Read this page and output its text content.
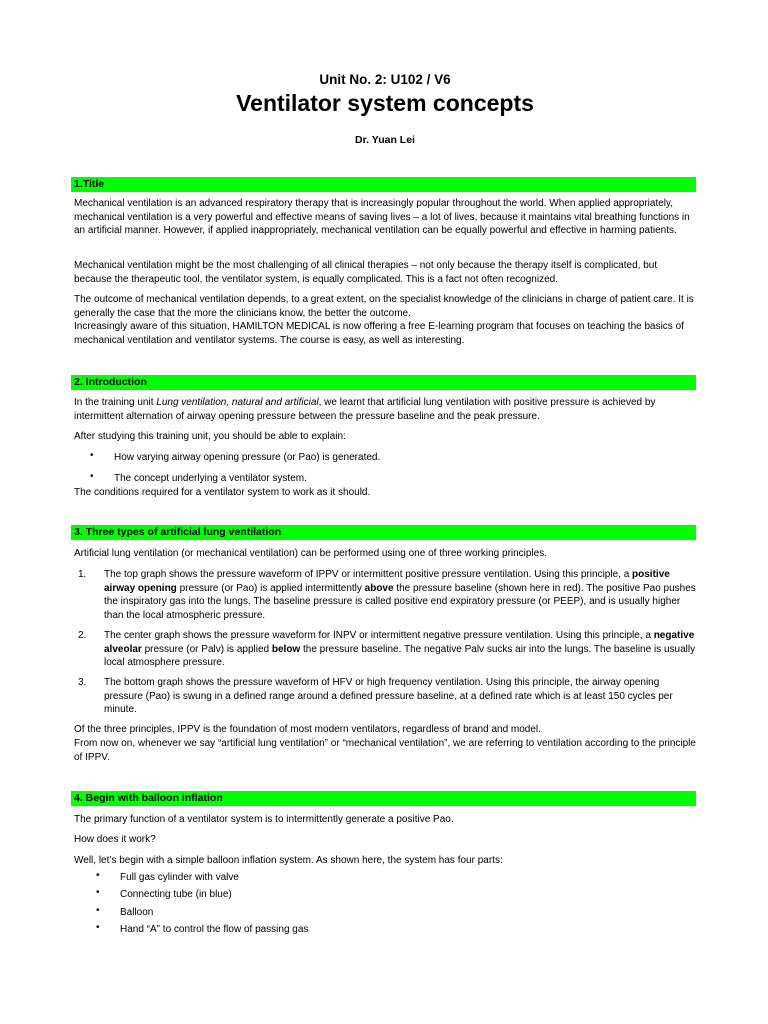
Unit No. 2: U102 / V6
Ventilator system concepts
Dr. Yuan Lei
1.Title
Mechanical ventilation is an advanced respiratory therapy that is increasingly popular throughout the world. When applied appropriately, mechanical ventilation is a very powerful and effective means of saving lives – a lot of lives, because it maintains vital breathing functions in an artificial manner. However, if applied inappropriately, mechanical ventilation can be equally powerful and effective in harming patients.
Mechanical ventilation might be the most challenging of all clinical therapies – not only because the therapy itself is complicated, but because the therapeutic tool, the ventilator system, is equally complicated. This is a fact not often recognized.
The outcome of mechanical ventilation depends, to a great extent, on the specialist knowledge of the clinicians in charge of patient care. It is generally the case that the more the clinicians know, the better the outcome.
Increasingly aware of this situation, HAMILTON MEDICAL is now offering a free E-learning program that focuses on teaching the basics of mechanical ventilation and ventilator systems. The course is easy, as well as interesting.
2. Introduction
In the training unit Lung ventilation, natural and artificial, we learnt that artificial lung ventilation with positive pressure is achieved by intermittent alternation of airway opening pressure between the pressure baseline and the peak pressure.
After studying this training unit, you should be able to explain:
• How varying airway opening pressure (or Pao) is generated.
• The concept underlying a ventilator system.
The conditions required for a ventilator system to work as it should.
3. Three types of artificial lung ventilation
Artificial lung ventilation (or mechanical ventilation) can be performed using one of three working principles.
1. The top graph shows the pressure waveform of IPPV or intermittent positive pressure ventilation. Using this principle, a positive airway opening pressure (or Pao) is applied intermittently above the pressure baseline (shown here in red). The positive Pao pushes the inspiratory gas into the lungs. The baseline pressure is called positive end expiratory pressure (or PEEP), and is usually higher than the local atmospheric pressure.
2. The center graph shows the pressure waveform for INPV or intermittent negative pressure ventilation. Using this principle, a negative alveolar pressure (or Palv) is applied below the pressure baseline. The negative Palv sucks air into the lungs. The baseline is usually local atmosphere pressure.
3. The bottom graph shows the pressure waveform of HFV or high frequency ventilation. Using this principle, the airway opening pressure (Pao) is swung in a defined range around a defined pressure baseline, at a defined rate which is at least 150 cycles per minute.
Of the three principles, IPPV is the foundation of most modern ventilators, regardless of brand and model.
From now on, whenever we say “artificial lung ventilation” or “mechanical ventilation”, we are referring to ventilation according to the principle of IPPV.
4. Begin with balloon inflation
The primary function of a ventilator system is to intermittently generate a positive Pao.
How does it work?
Well, let’s begin with a simple balloon inflation system. As shown here, the system has four parts:
• Full gas cylinder with valve
• Connecting tube (in blue)
• Balloon
• Hand “A” to control the flow of passing gas
